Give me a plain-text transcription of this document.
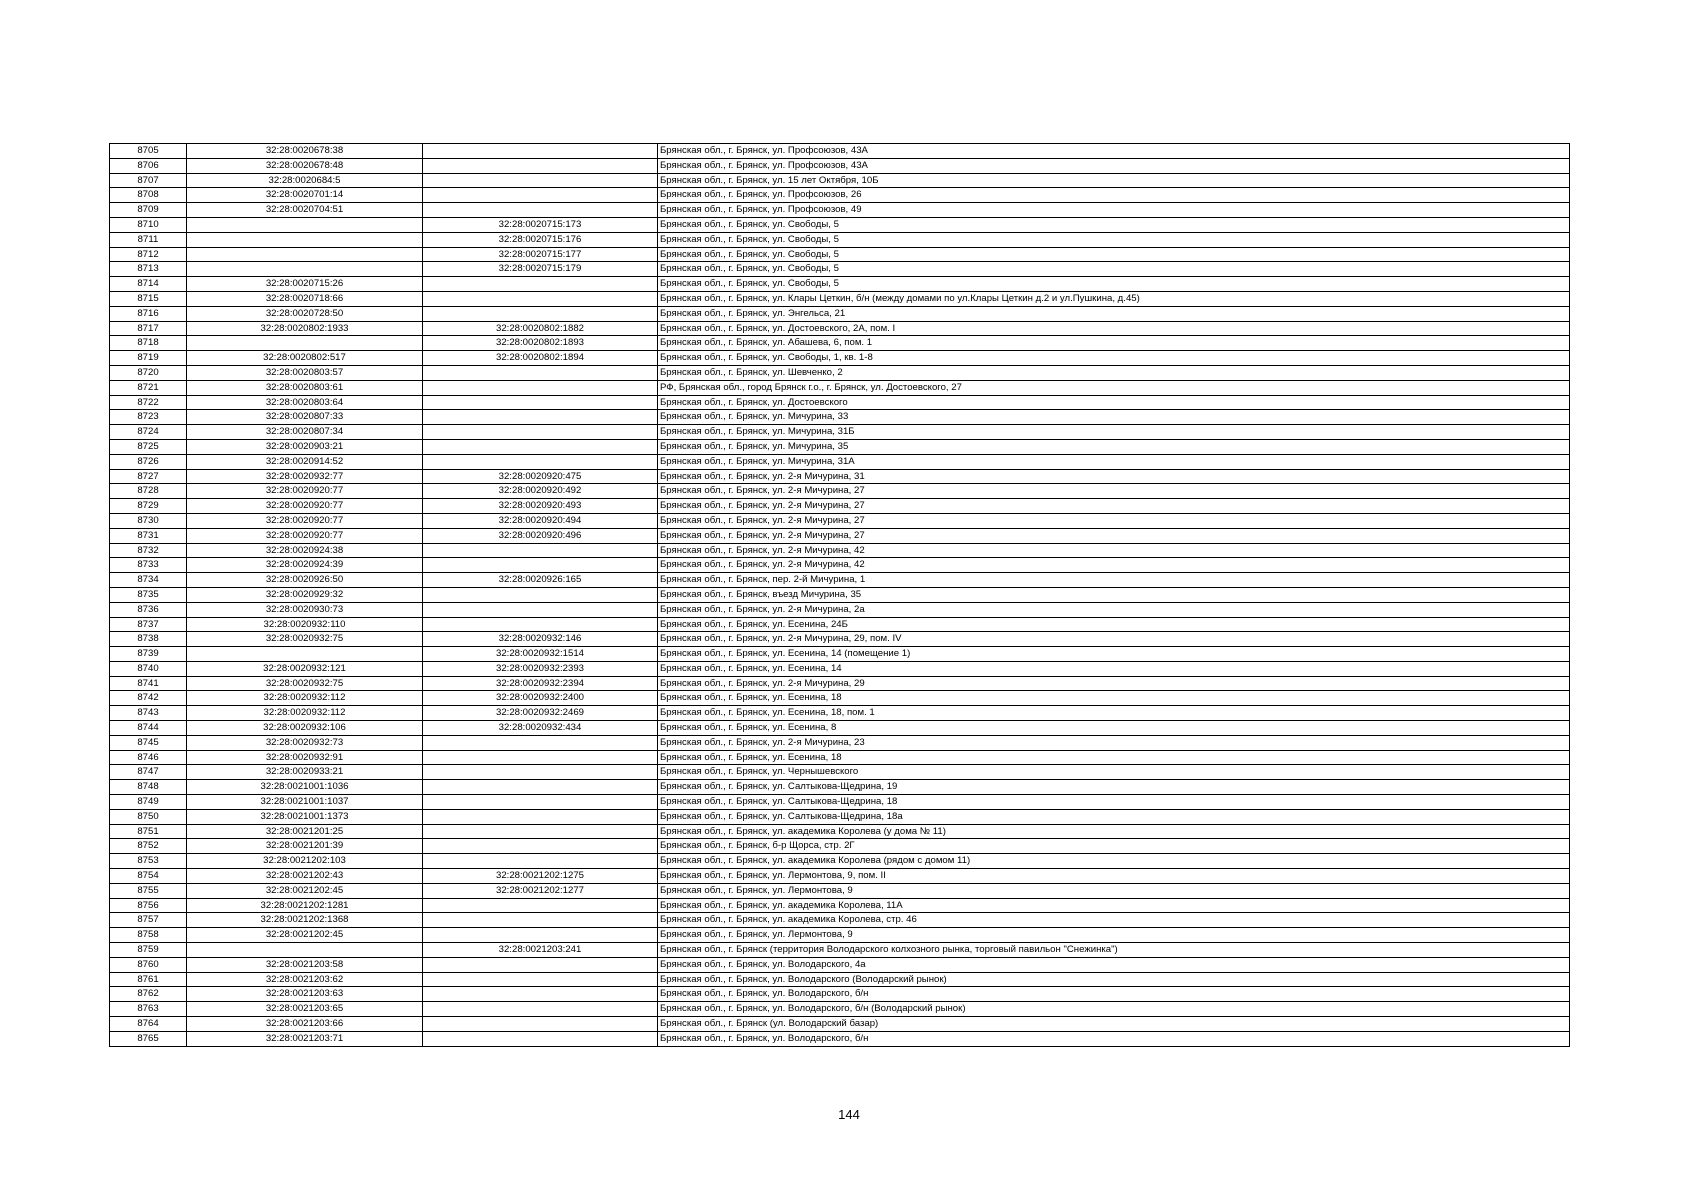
8705	32:28:0020678:38		Брянская обл., г. Брянск, ул. Профсоюзов, 43А
8706	32:28:0020678:48		Брянская обл., г. Брянск, ул. Профсоюзов, 43А
8707	32:28:0020684:5		Брянская обл., г. Брянск, ул. 15 лет Октября, 10Б
8708	32:28:0020701:14		Брянская обл., г. Брянск, ул. Профсоюзов, 26
8709	32:28:0020704:51		Брянская обл., г. Брянск, ул. Профсоюзов, 49
8710		32:28:0020715:173	Брянская обл., г. Брянск, ул. Свободы, 5
8711		32:28:0020715:176	Брянская обл., г. Брянск, ул. Свободы, 5
8712		32:28:0020715:177	Брянская обл., г. Брянск, ул. Свободы, 5
8713		32:28:0020715:179	Брянская обл., г. Брянск, ул. Свободы, 5
8714	32:28:0020715:26		Брянская обл., г. Брянск, ул. Свободы, 5
8715	32:28:0020718:66		Брянская обл., г. Брянск, ул. Клары Цеткин, б/н (между домами по ул.Клары Цеткин д.2 и ул.Пушкина, д.45)
8716	32:28:0020728:50		Брянская обл., г. Брянск, ул. Энгельса, 21
8717	32:28:0020802:1933	32:28:0020802:1882	Брянская обл., г. Брянск, ул. Достоевского, 2А, пом. I
8718		32:28:0020802:1893	Брянская обл., г. Брянск, ул. Абашева, 6, пом. 1
8719	32:28:0020802:517	32:28:0020802:1894	Брянская обл., г. Брянск, ул. Свободы, 1, кв. 1-8
8720	32:28:0020803:57		Брянская обл., г. Брянск, ул. Шевченко, 2
8721	32:28:0020803:61		РФ, Брянская обл., город Брянск г.о., г. Брянск, ул. Достоевского, 27
8722	32:28:0020803:64		Брянская обл., г. Брянск, ул. Достоевского
8723	32:28:0020807:33		Брянская обл., г. Брянск, ул. Мичурина, 33
8724	32:28:0020807:34		Брянская обл., г. Брянск, ул. Мичурина, 31Б
8725	32:28:0020903:21		Брянская обл., г. Брянск, ул. Мичурина, 35
8726	32:28:0020914:52		Брянская обл., г. Брянск, ул. Мичурина, 31А
8727	32:28:0020932:77	32:28:0020920:475	Брянская обл., г. Брянск, ул. 2-я Мичурина, 31
8728	32:28:0020920:77	32:28:0020920:492	Брянская обл., г. Брянск, ул. 2-я Мичурина, 27
8729	32:28:0020920:77	32:28:0020920:493	Брянская обл., г. Брянск, ул. 2-я Мичурина, 27
8730	32:28:0020920:77	32:28:0020920:494	Брянская обл., г. Брянск, ул. 2-я Мичурина, 27
8731	32:28:0020920:77	32:28:0020920:496	Брянская обл., г. Брянск, ул. 2-я Мичурина, 27
8732	32:28:0020924:38		Брянская обл., г. Брянск, ул. 2-я Мичурина, 42
8733	32:28:0020924:39		Брянская обл., г. Брянск, ул. 2-я Мичурина, 42
8734	32:28:0020926:50	32:28:0020926:165	Брянская обл., г. Брянск, пер. 2-й Мичурина, 1
8735	32:28:0020929:32		Брянская обл., г. Брянск, въезд Мичурина, 35
8736	32:28:0020930:73		Брянская обл., г. Брянск, ул. 2-я Мичурина, 2а
8737	32:28:0020932:110		Брянская обл., г. Брянск, ул. Есенина, 24Б
8738	32:28:0020932:75	32:28:0020932:146	Брянская обл., г. Брянск, ул. 2-я Мичурина, 29, пом. IV
8739		32:28:0020932:1514	Брянская обл., г. Брянск, ул. Есенина, 14 (помещение 1)
8740	32:28:0020932:121	32:28:0020932:2393	Брянская обл., г. Брянск, ул. Есенина, 14
8741	32:28:0020932:75	32:28:0020932:2394	Брянская обл., г. Брянск, ул. 2-я Мичурина, 29
8742	32:28:0020932:112	32:28:0020932:2400	Брянская обл., г. Брянск, ул. Есенина, 18
8743	32:28:0020932:112	32:28:0020932:2469	Брянская обл., г. Брянск, ул. Есенина, 18, пом. 1
8744	32:28:0020932:106	32:28:0020932:434	Брянская обл., г. Брянск, ул. Есенина, 8
8745	32:28:0020932:73		Брянская обл., г. Брянск, ул. 2-я Мичурина, 23
8746	32:28:0020932:91		Брянская обл., г. Брянск, ул. Есенина, 18
8747	32:28:0020933:21		Брянская обл., г. Брянск, ул. Чернышевского
8748	32:28:0021001:1036		Брянская обл., г. Брянск, ул. Салтыкова-Щедрина, 19
8749	32:28:0021001:1037		Брянская обл., г. Брянск, ул. Салтыкова-Щедрина, 18
8750	32:28:0021001:1373		Брянская обл., г. Брянск, ул. Салтыкова-Щедрина, 18а
8751	32:28:0021201:25		Брянская обл., г. Брянск, ул. академика Королева (у дома № 11)
8752	32:28:0021201:39		Брянская обл., г. Брянск, б-р Щорса, стр. 2Г
8753	32:28:0021202:103		Брянская обл., г. Брянск, ул. академика Королева (рядом с домом 11)
8754	32:28:0021202:43	32:28:0021202:1275	Брянская обл., г. Брянск, ул. Лермонтова, 9, пом. II
8755	32:28:0021202:45	32:28:0021202:1277	Брянская обл., г. Брянск, ул. Лермонтова, 9
8756	32:28:0021202:1281		Брянская обл., г. Брянск, ул. академика Королева, 11А
8757	32:28:0021202:1368		Брянская обл., г. Брянск, ул. академика Королева, стр. 46
8758	32:28:0021202:45		Брянская обл., г. Брянск, ул. Лермонтова, 9
8759		32:28:0021203:241	Брянская обл., г. Брянск (территория Володарского колхозного рынка, торговый павильон "Снежинка")
8760	32:28:0021203:58		Брянская обл., г. Брянск, ул. Володарского, 4а
8761	32:28:0021203:62		Брянская обл., г. Брянск, ул. Володарского (Володарский рынок)
8762	32:28:0021203:63		Брянская обл., г. Брянск, ул. Володарского, б/н
8763	32:28:0021203:65		Брянская обл., г. Брянск, ул. Володарского, б/н (Володарский рынок)
8764	32:28:0021203:66		Брянская обл., г. Брянск (ул. Володарский базар)
8765	32:28:0021203:71		Брянская обл., г. Брянск, ул. Володарского, б/н
144
